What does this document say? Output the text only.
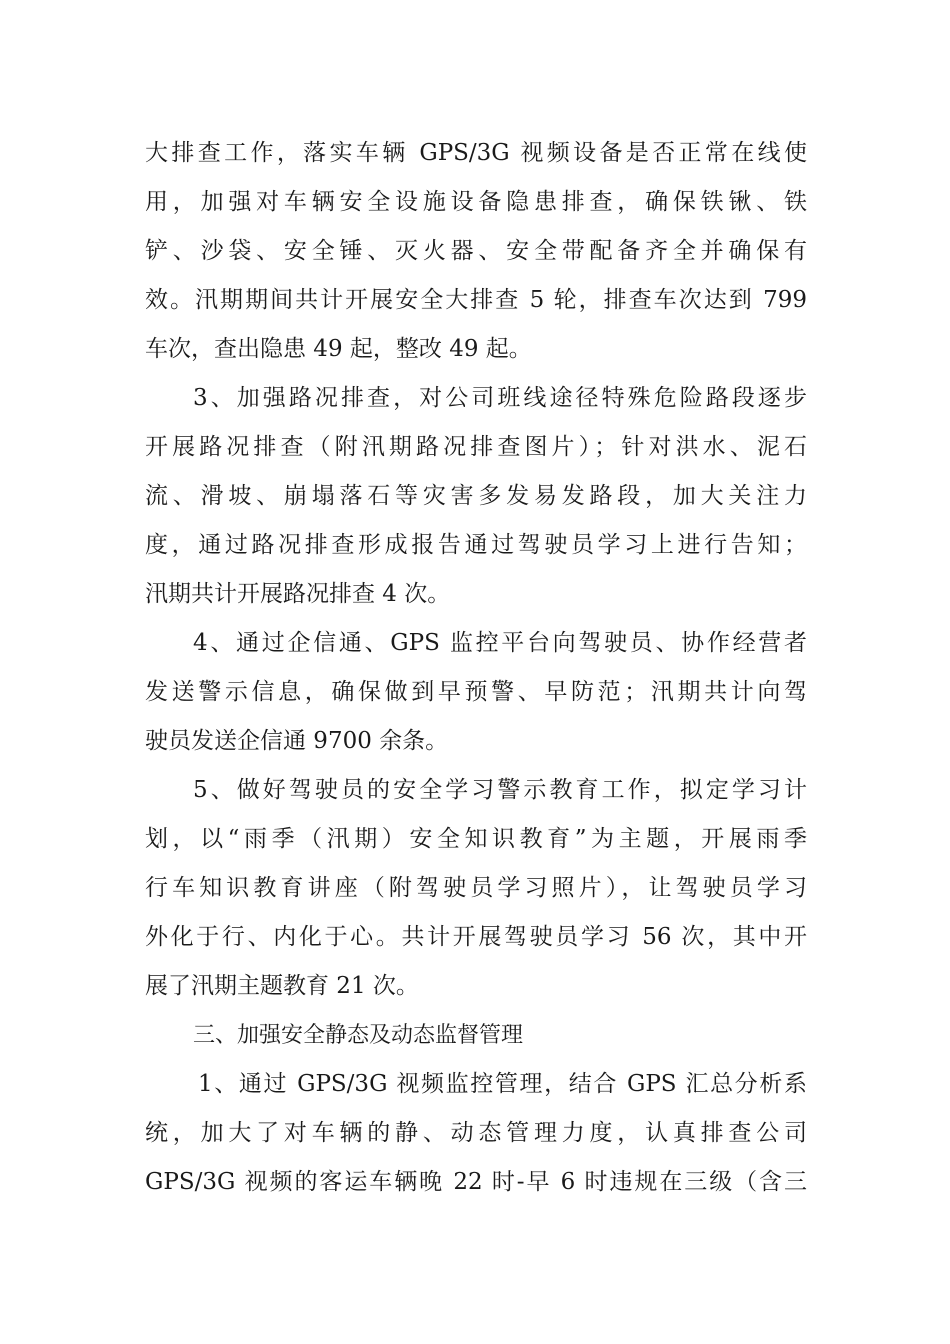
大排查工作，落实车辆 GPS/3G 视频设备是否正常在线使
用，加强对车辆安全设施设备隐患排查，确保铁锹、铁
铲、沙袋、安全锤、灭火器、安全带配备齐全并确保有
效。汛期期间共计开展安全大排查 5 轮，排查车次达到 799
车次，查出隐患 49 起，整改 49 起。
3、加强路况排查，对公司班线途径特殊危险路段逐步
开展路况排查（附汛期路况排查图片）；针对洪水、泥石
流、滑坡、崩塌落石等灾害多发易发路段，加大关注力
度，通过路况排查形成报告通过驾驶员学习上进行告知；
汛期共计开展路况排查 4 次。
4、通过企信通、GPS 监控平台向驾驶员、协作经营者
发送警示信息，确保做到早预警、早防范；汛期共计向驾
驶员发送企信通 9700 余条。
5、做好驾驶员的安全学习警示教育工作，拟定学习计
划，以“雨季（汛期）安全知识教育”为主题，开展雨季
行车知识教育讲座（附驾驶员学习照片），让驾驶员学习
外化于行、内化于心。共计开展驾驶员学习 56 次，其中开
展了汛期主题教育 21 次。
三、加强安全静态及动态监督管理
1、通过 GPS/3G 视频监控管理，结合 GPS 汇总分析系
统，加大了对车辆的静、动态管理力度，认真排查公司
GPS/3G 视频的客运车辆晚 22 时-早 6 时违规在三级（含三
